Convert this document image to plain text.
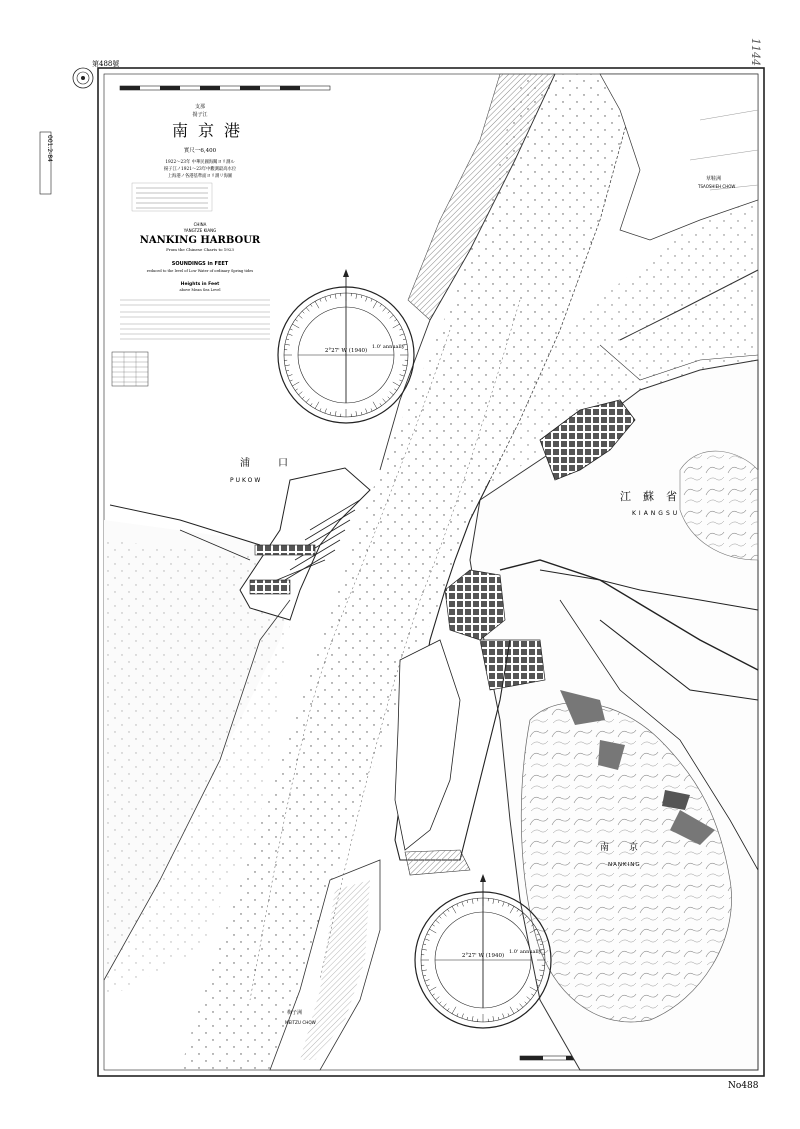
2°27' W (1940)
1.0' annually
2°27' W (1940)
1.0' annually
支那
揚子江
南京港
實尺一6,400
1922～23年 中華民國海關ヨリ測ル
揚子江ノ1921～23年中觀測最高水位
上海港ノ各港基準面ヨリ測リ海圖
CHINA
YANGTZE KIANG
NANKING HARBOUR
From the Chinese Charts to 1923
SOUNDINGS in FEET
reduced to the level of Low Water of ordinary Spring tides
Heights in Feet
above Mean Sea Level
浦口
PUKOW
江蘇省
KIANGSU
南京
NANKING
梅子洲
MEITZU CHOW
草鞋洲
TSAOSHIEH CHOW
第488號
No488
001.2-84
1144
